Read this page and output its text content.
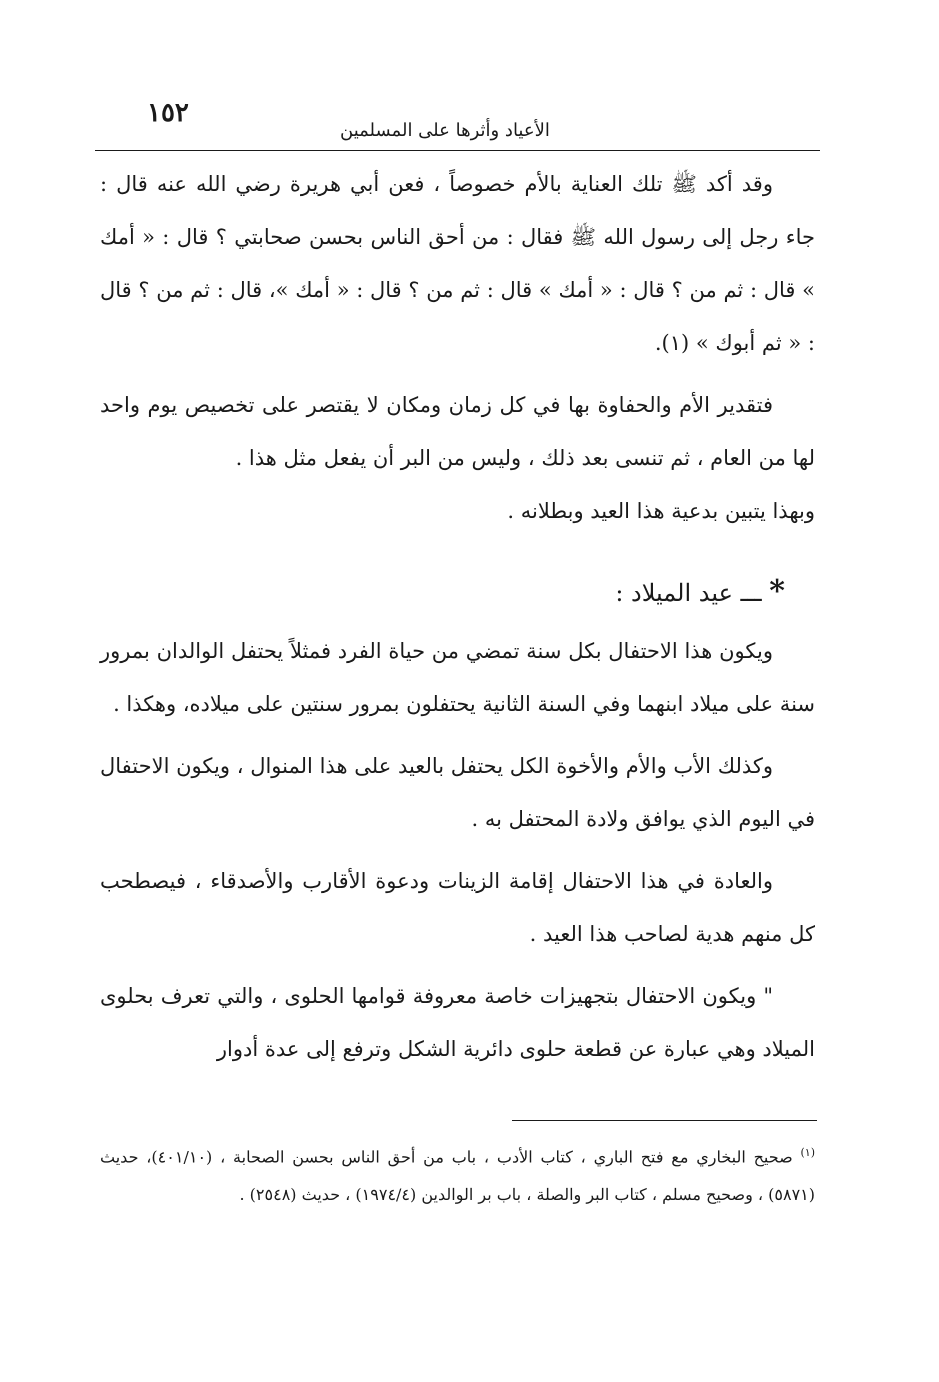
١٥٢
الأعياد وأثرها على المسلمين

وقد أكد ﷺ تلك العناية بالأم خصوصاً ، فعن أبي هريرة رضي الله عنه قال : جاء رجل إلى رسول الله ﷺ فقال : من أحق الناس بحسن صحابتي ؟ قال : « أمك » قال : ثم من ؟ قال : « أمك » قال : ثم من ؟ قال : « أمك »، قال : ثم من ؟ قال : « ثم أبوك » (١).

فتقدير الأم والحفاوة بها في كل زمان ومكان لا يقتصر على تخصيص يوم واحد لها من العام ، ثم تنسى بعد ذلك ، وليس من البر أن يفعل مثل هذا .

وبهذا يتبين بدعية هذا العيد وبطلانه .

* ـــ عيد الميلاد :

ويكون هذا الاحتفال بكل سنة تمضي من حياة الفرد فمثلاً يحتفل الوالدان بمرور سنة على ميلاد ابنهما وفي السنة الثانية يحتفلون بمرور سنتين على ميلاده، وهكذا .

وكذلك الأب والأم والأخوة الكل يحتفل بالعيد على هذا المنوال ، ويكون الاحتفال في اليوم الذي يوافق ولادة المحتفل به .

والعادة في هذا الاحتفال إقامة الزينات ودعوة الأقارب والأصدقاء ، فيصطحب كل منهم هدية لصاحب هذا العيد .

" ويكون الاحتفال بتجهيزات خاصة معروفة قوامها الحلوى ، والتي تعرف بحلوى الميلاد وهي عبارة عن قطعة حلوى دائرية الشكل وترفع إلى عدة أدوار

$^{(١)}$ صحيح البخاري مع فتح الباري ، كتاب الأدب ، باب من أحق الناس بحسن الصحابة ، (٤٠١/١٠)، حديث (٥٨٧١) ، وصحيح مسلم ، كتاب البر والصلة ، باب بر الوالدين (١٩٧٤/٤) ، حديث (٢٥٤٨) .
